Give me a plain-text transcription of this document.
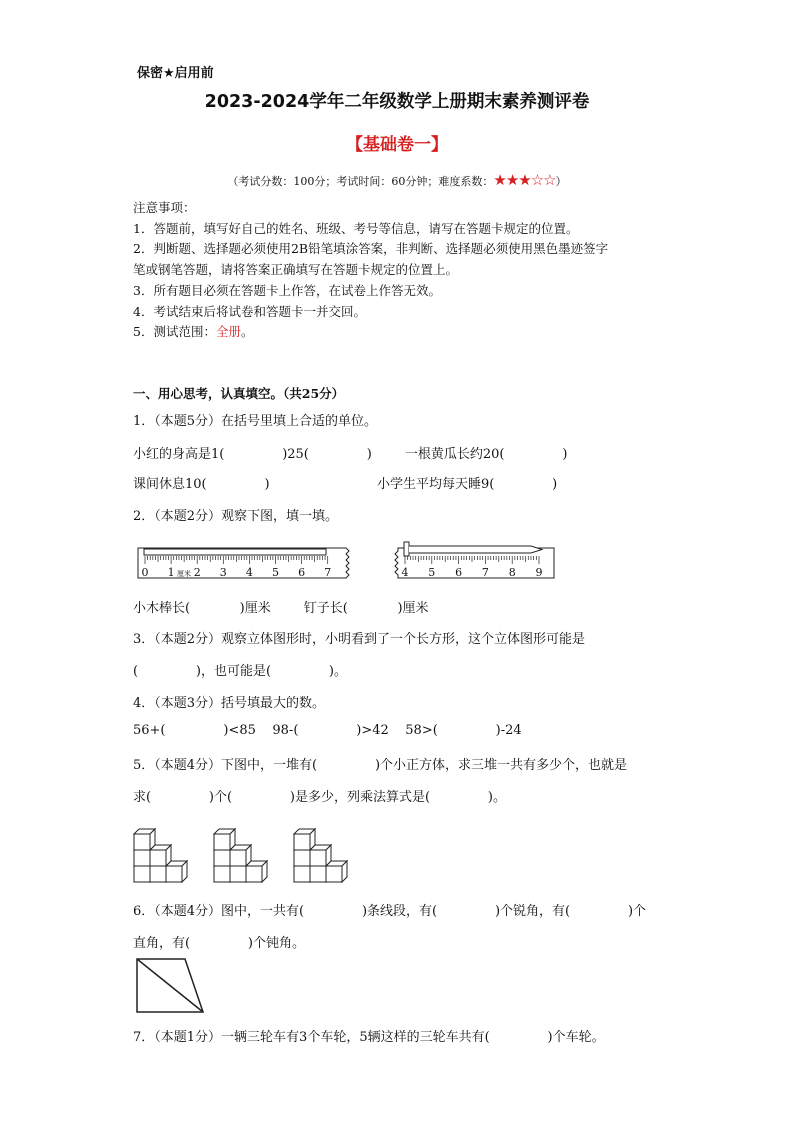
保密★启用前
2023-2024学年二年级数学上册期末素养测评卷
【基础卷一】
（考试分数：100分；考试时间：60分钟；难度系数：★★★☆☆）
注意事项：
1．答题前，填写好自己的姓名、班级、考号等信息，请写在答题卡规定的位置。
2．判断题、选择题必须使用2B铅笔填涂答案，非判断、选择题必须使用黑色墨迹签字
笔或钢笔答题，请将答案正确填写在答题卡规定的位置上。
3．所有题目必须在答题卡上作答，在试卷上作答无效。
4．考试结束后将试卷和答题卡一并交回。
5．测试范围：全册。
一、用心思考，认真填空。（共25分）
1．（本题5分）在括号里填上合适的单位。
小红的身高是1(              )25(              )        一根黄瓜长约20(              )
课间休息10(              )                          小学生平均每天睡9(              )
2．（本题2分）观察下图，填一填。
0 1 2 3 4 5 6 7
厘米	4 5 6 7 8 9
小木棒长(            )厘米        钉子长(            )厘米
3．（本题2分）观察立体图形时，小明看到了一个长方形，这个立体图形可能是
(              )，也可能是(              )。
4．（本题3分）括号填最大的数。
56+(              )<85    98-(              )>42    58>(              )-24
5．（本题4分）下图中，一堆有(              )个小正方体，求三堆一共有多少个，也就是
求(              )个(              )是多少，列乘法算式是(              )。
6．（本题4分）图中，一共有(              )条线段，有(              )个锐角，有(              )个
直角，有(              )个钝角。
7．（本题1分）一辆三轮车有3个车轮，5辆这样的三轮车共有(              )个车轮。
